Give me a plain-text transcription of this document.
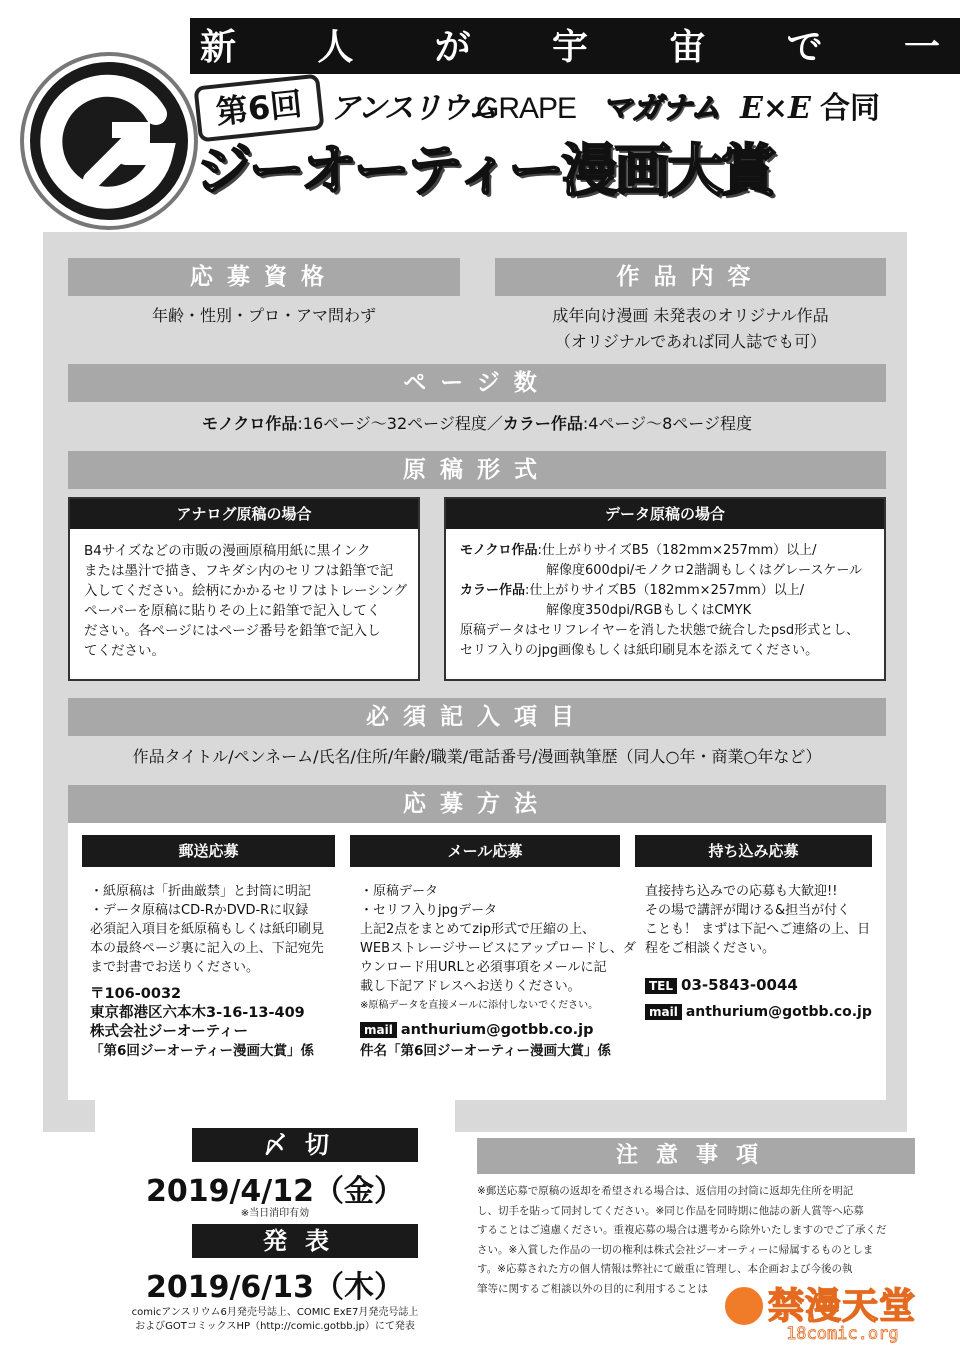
新 人 が 宇 宙 で 一
第6回 アンスリウム
GRAPE マガナム E×E 合同
ジーオーティー漫画大賞
応募資格	作品内容
年齢・性別・プロ・アマ問わず	成年向け漫画 未発表のオリジナル作品
（オリジナルであれば同人誌でも可）
ページ数
モノクロ作品:16ページ〜32ページ程度／カラー作品:4ページ〜8ページ程度
原稿形式
アナログ原稿の場合

B4サイズなどの市販の漫画原稿用紙に黒インク

または墨汁で描き、フキダシ内のセリフは鉛筆で記

入してください。絵柄にかかるセリフはトレーシング

ペーパーを原稿に貼りその上に鉛筆で記入してく

ださい。各ページにはページ番号を鉛筆で記入し

てください。

データ原稿の場合

モノクロ作品:仕上がりサイズB5（182mm×257mm）以上/

解像度600dpi/モノクロ2諧調もしくはグレースケール

カラー作品:仕上がりサイズB5（182mm×257mm）以上/

解像度350dpi/RGBもしくはCMYK

原稿データはセリフレイヤーを消した状態で統合したpsd形式とし、

セリフ入りのjpg画像もしくは紙印刷見本を添えてください。

必須記入項目
作品タイトル/ペンネーム/氏名/住所/年齢/職業/電話番号/漫画執筆歴（同人○年・商業○年など）
応募方法
郵送応募

・紙原稿は「折曲厳禁」と封筒に明記

・データ原稿はCD-RかDVD-Rに収録

必須記入項目を紙原稿もしくは紙印刷見

本の最終ページ裏に記入の上、下記宛先

まで封書でお送りください。

〒106-0032

東京都港区六本木3-16-13-409

株式会社ジーオーティー

「第6回ジーオーティー漫画大賞」係

メール応募

・原稿データ

・セリフ入りjpgデータ

上記2点をまとめてzip形式で圧縮の上、

WEBストレージサービスにアップロードし、ダ

ウンロード用URLと必須事項をメールに記

載し下記アドレスへお送りください。

※原稿データを直接メールに添付しないでください。

mail anthurium@gotbb.co.jp

件名「第6回ジーオーティー漫画大賞」係

持ち込み応募

直接持ち込みでの応募も大歓迎!!

その場で講評が聞ける&担当が付く

ことも！ まずは下記へご連絡の上、日

程をご相談ください。

TEL 03-5843-0044

mail anthurium@gotbb.co.jp

〆切
2019/4/12（金）
※当日消印有効
発表
2019/6/13（木）
comicアンスリウム6月発売号誌上、COMIC ExE7月発売号誌上
およびGOTコミックスHP（http://comic.gotbb.jp）にて発表
注意事項

※郵送応募で原稿の返却を希望される場合は、返信用の封筒に返却先住所を明記

し、切手を貼って同封してください。※同じ作品を同時期に他誌の新人賞等へ応募

することはご遠慮ください。重複応募の場合は選考から除外いたしますのでご了承くだ

さい。※入賞した作品の一切の権利は株式会社ジーオーティーに帰属するものとしま

す。※応募された方の個人情報は弊社にて厳重に管理し、本企画および今後の執

筆等に関するご相談以外の目的に利用することは	禁漫天堂
18comic.org
